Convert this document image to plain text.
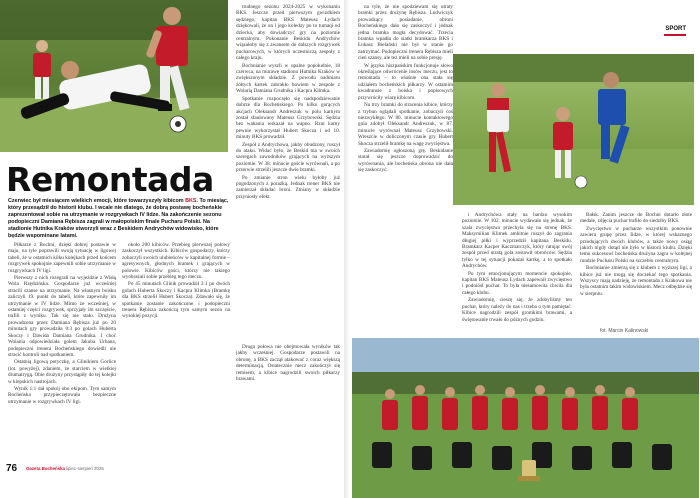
trudnego sezonu 2024-2025 w wykonaniu BKS. Jeszcze przed pierwszym gwizdkiem sędziego, kapitan BKS Mateusz Łydach dziękowali, że on i jego koledzy po to tumaqi od dziecka, aby dowiadczyć gry na poziomie centralnym. Pokonanie Beskidu Andrychów wiązałoby się z awansem do dalszych rozgrywek pucharowych, w których uczestniczą zespoły z całego kraju.

Bochnianie wyszli w upalne popołudnie, 18 czerwca, na murawę stadionu Hutnika Kraków w zwiększonym składzie. Z powodu nadmiaru żółtych kartek zabrakło bowiem w zespole z Wolarią Damiana Grudnika i Kacpra Klimka.

Spotkanie rozpoczęło się nadspodziewanie dobrze dla Bocheńskiego. Po kilku gorących akcjach Oleksandr Andreszuk w polu karnym został sfaulowany Mateusz Grzybowski. Sędzia bez wahania wskazał na wapno. Rzut karny pewnie wykorzystał Hubert Skocza i od 10. minuty BKS prowadził.

Zespół z Andrychowa, jakby obudzony, ruszył do ataku. Widać było, że Beskid ma w swoich szeregach zawodników grających na wyższym poziomie. W 38. minucie goście wyrównali, a po przerwie strzelili jeszcze dwie bramki.

Po zmianie stron wielu byłoby już pogodzonych z porażką. Jednak trener BKS nie zamierzał składać broni. Zmiany w składzie przyniosły efekt.

Druga połowa nie obejmowała wyników tak jakby wcześniej. Gospodarze postawili na obronę, a BKS zaczął atakować z coraz większą determinacją. Ostatecznie mecz zakończył się remisem, a kibice nagrodzili swoich piłkarzy brawami.

Remontada
Czerwiec był miesiącem wielkich emocji, które towarzyszyły kibicom BKS. To miesiąc, który przesądził do historii klubu. I wcale nie dlatego, że dobrą postawę bocheńskie zaprezentował sobie na utrzymanie w rozgrywkach IV lidze. Na zakończenie sezonu podopieczni Damiana Rębisza zagrali w małopolskim finale Pucharu Polski. Na stadionie Hutnika Kraków stworzyli wraz z Beskidem Andrychów widowisko, które będzie wspominane latami.

Piłkarze z Bochni, dzięki dobrej postawie w maju, na tyle poprawili swoją sytuację w ligowej tabeli, że w ostatnich kilku kolejkach przed końcem rozgrywek spokojnie zapewnili sobie utrzymanie w rozgrywkach IV ligi.

Pierwszy z nich rozegrali na wyjeździe z Wisłą Wola Rzędzińska. Gospodarze już wcześniej stracili szanse na utrzymanie. Na własnym boisku zaliczyli 19. punkt do tabeli, które zapewniły im utrzymanie w IV lidze. Mimo że wcześniej, w ostatniej części rozgrywek, sprzyjały im szczęście, trafili z wyniku. Tak się nie stało. Drużyna prowadzona przez Damiana Rębisza już po 20 minutach gry prowadziła 0:3 po golach Huberta Skoczy i Dawida Damiana Grudnika. I choć Wolania odpowiedziała golem Jakuba Urbana, podopieczni trenera Bocheńskiego dowiedli nie stracić kontroli nad spotkaniem.

Ostatnią ligową potyczkę, a Glinikiem Gorlice (lot. powyżej), zdaniem, że starciem w wielkiej drumatrygą. Obie drużyny przystąpiły do tej kolejki w kiepskich nastrojach.

Wynik 1:1 dał spokój obu ekipom. Tym samym Bocheńska przypieczętowała bezpieczne utrzymanie w rozgrywkach IV ligi.

około 200 kibiców. Przebieg pierwszej połowy zaskoczył wszystkich. Kibiców gospodarzy, którzy zobaczyli swoich ulubieńców w kapitalnej formie – agresywnych, głodnych bramek i grających w polowie. Kibiców gości, którzy nie takiego wyobrażali sobie przebieg tego meczu.

Po 45 minutach Glinik prowadził 3:1 po dwóch golach Huberta Skoczy i Kacpra Klimka (Bramkę dla BKS strzelił Hubert Skocza). Zdawało się, że spotkanie zostanie zakończone i podopieczni trenera Rębisza zakończą tym samym sezon na wysokiej pozycji.

76 Gazeta Bocheńska lipiec-sierpień 2025

na tyle, że nie spodziewam się utraty bramki przez drużynę Rębisza. Ludwiczyk prowadzący posiadanie, obroni Bocheńskiego dała się zaskoczyć i jednak jedna bramka mogła decydować. Trzecia bramka wpadła do siatki bramkarza BKS i Łukasz Bielański nie był w stanie go zatrzymać. Podopieczni trenera Rębisza mieli cień szansy, ale też mieli na sobie presję.

W języku hiszpańskim funkcjonuje słowo określające odwrócenie losów meczu, jest to remontada – to właśnie ona stała się udziałem bocheńskich piłkarzy. W ostatnim kwadransie z boiska i popisowych przywróciły wiarę kibicom.

Na trzy bramki do stracenia kibice, którzy z trybun oglądali spotkanie, zobaczyli coś niezwykłego. W 80. minucie kontaktowego gola zdobył Oleksandr Andreszuk, w 87. minucie wyrównał Mateusz Grzybowski. Wreszcie w doliczonym czasie gry Hubert Skocza strzelił bramkę na wagę zwycięstwa.

Zawiadomię ogłoszoną grę. Beskidanie starał się jeszcze doprowadzić do wyrównania, ale bocheńska obrona nie dała się zaskoczyć.

i Andrychówa stały na bardzo wysokim poziomie. W 102. minucie wydawało się jednak, że szala zwycięstwa przechyla się na stronę BKS. Maksymilian Klimek ambitnie ruszył do zagrania długiej piłki i wyprzedził kapitana Beskidu. Bramkarz Kacper Kaczmarczyk, który ratując swój zespół przed utratą gola zostawił obrońców. Sędzia tylko w tej sytuacji pokazał kartkę, a to spotkało Andrychów.

Po tym emocjonującym momencie spokojnie, kapitan BKS Mateusz Łydach zapewnił zwycięstwo i podniósł puchar. To była niesamowita chwila dla całego klubu.

Zawiadomię, cieszę się, że zdobyliśmy ten puchar, który należy do nas i trzeba o tym pamiętać. Kibice nagrodzili zespół gromkimi brawami, a świętowanie trwało do późnych godzin.

Bałsk. Zanim jeszcze do Bochni dotarło złote medale, zdjęcia puchar trafiło do siedziby BKS.

Zwycięstwo w pucharze wszystkim ponownie zawiera grupę przez Iidze, w której wskaznego przodujących dwóch klubów, a także nowy osiąg jakich nigdy dotąd nie było w historii klubu. Dzięki temu sukcesowi bocheńska drużyna zagra w kolejnej rundzie Pucharu Polski na szczeblu centralnym.

Bochnianie zmierzą się z klubem z wyższej ligi, a kibice już nie mogą się doczekać tego spotkania. Wszyscy mają nadzieję, że remontada z Krakowa nie była ostatnim takim widowiskiem. Mecz odbędzie się w sierpniu.

SPORT
fot. Marcin Kalinowski
